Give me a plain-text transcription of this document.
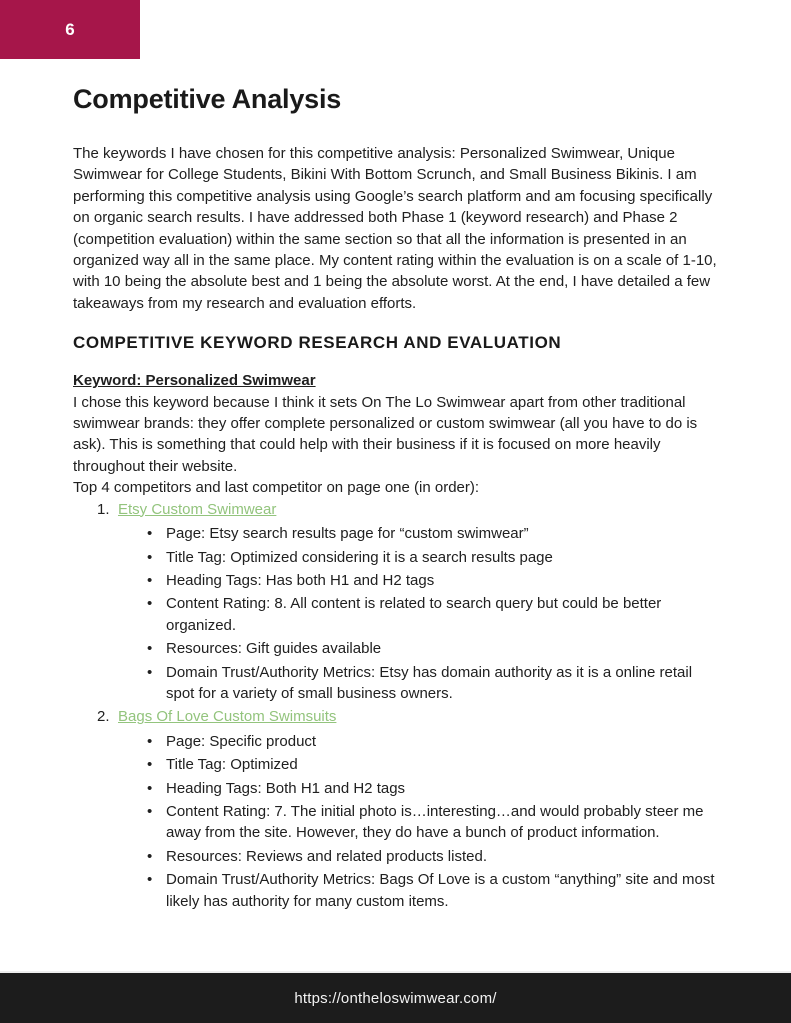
6
Competitive Analysis

The keywords I have chosen for this competitive analysis: Personalized Swimwear, Unique Swimwear for College Students, Bikini With Bottom Scrunch, and Small Business Bikinis. I am performing this competitive analysis using Google’s search platform and am focusing specifically on organic search results. I have addressed both Phase 1 (keyword research) and Phase 2 (competition evaluation) within the same section so that all the information is presented in an organized way all in the same place. My content rating within the evaluation is on a scale of 1-10, with 10 being the absolute best and 1 being the absolute worst. At the end, I have detailed a few takeaways from my research and evaluation efforts.

COMPETITIVE KEYWORD RESEARCH AND EVALUATION

Keyword: Personalized Swimwear

I chose this keyword because I think it sets On The Lo Swimwear apart from other traditional swimwear brands: they offer complete personalized or custom swimwear (all you have to do is ask). This is something that could help with their business if it is focused on more heavily throughout their website.

Top 4 competitors and last competitor on page one (in order):

1. Etsy Custom Swimwear
• Page: Etsy search results page for “custom swimwear”
• Title Tag: Optimized considering it is a search results page
• Heading Tags: Has both H1 and H2 tags
• Content Rating: 8. All content is related to search query but could be better organized.
• Resources: Gift guides available
• Domain Trust/Authority Metrics: Etsy has domain authority as it is a online retail spot for a variety of small business owners.
2. Bags Of Love Custom Swimsuits
• Page: Specific product
• Title Tag: Optimized
• Heading Tags: Both H1 and H2 tags
• Content Rating: 7. The initial photo is…interesting…and would probably steer me away from the site. However, they do have a bunch of product information.
• Resources: Reviews and related products listed.
• Domain Trust/Authority Metrics: Bags Of Love is a custom “anything” site and most likely has authority for many custom items.
https://ontheloswimwear.com/
